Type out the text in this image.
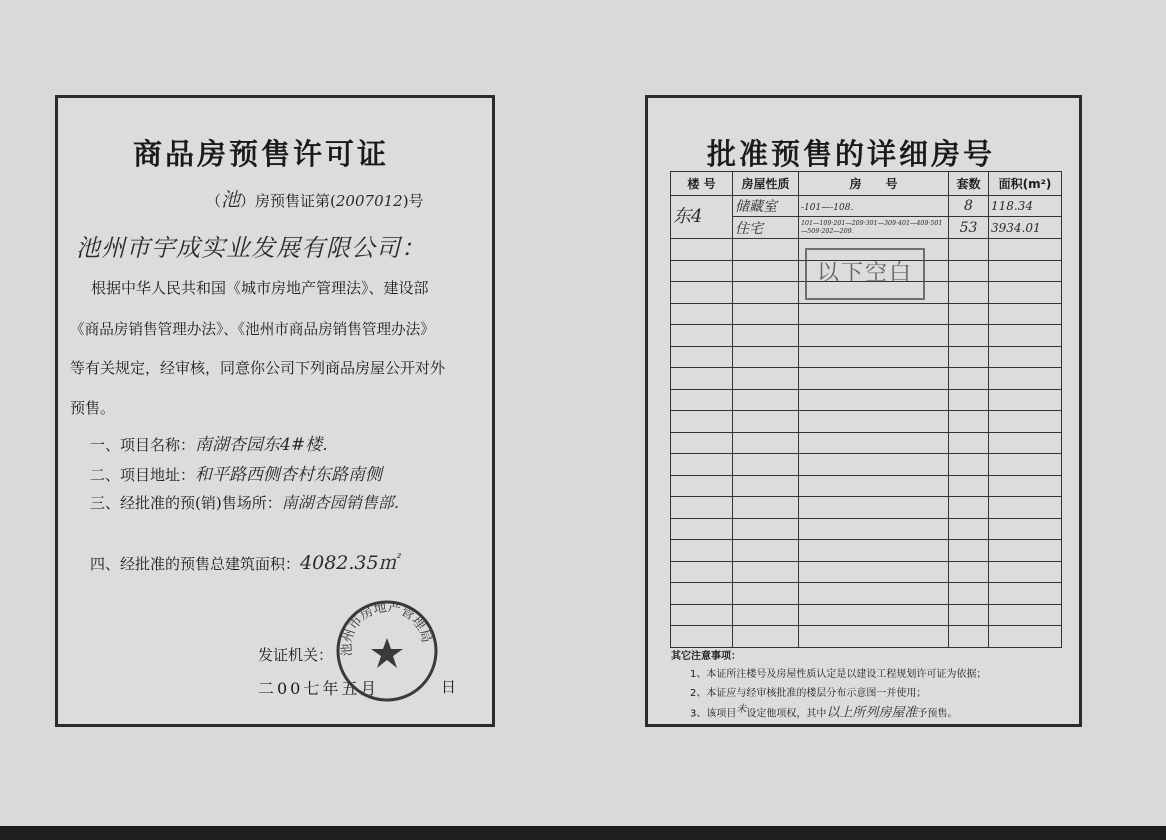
商品房预售许可证
（池）房预售证第(2007012)号
池州市宇成实业发展有限公司：
根据中华人民共和国《城市房地产管理法》、建设部
《商品房销售管理办法》、《池州市商品房销售管理办法》
等有关规定，经审核，同意你公司下列商品房屋公开对外
预售。
一、项目名称：南湖杏园东4#楼．
二、项目地址：和平路西侧杏村东路南侧
三、经批准的预(销)售场所：南湖杏园销售部．
四、经批准的预售总建筑面积：4082.35㎡
发证机关：
二00七年五月	日
池州市房地产管理局
批准预售的详细房号
楼 号	房屋性质	房　　号	套数	面积(m²)
东4	储藏室	-101—-108．	8	118.34
	住宅	101—109·201—209·301—309·401—409·501—509·202—209．	53	3934.01

以下空白
其它注意事项：
1、本证所注楼号及房屋性质认定是以建设工程规划许可证为依据；
2、本证应与经审核批准的楼层分布示意图一并使用；
3、该项目未设定他项权，其中以上所列房屋准予预售。
